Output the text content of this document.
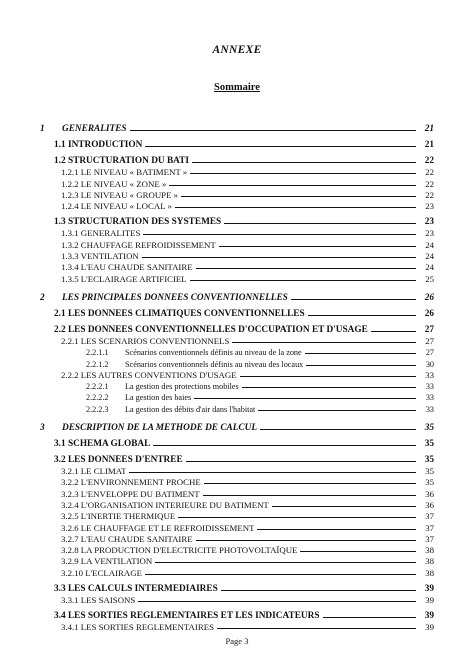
ANNEXE
Sommaire
1	GENERALITES	21
1.1 INTRODUCTION	21
1.2 STRUCTURATION DU BATI	22
1.2.1 LE NIVEAU « BATIMENT »	22
1.2.2 LE NIVEAU « ZONE »	22
1.2.3 LE NIVEAU « GROUPE »	22
1.2.4 LE NIVEAU « LOCAL »	23
1.3 STRUCTURATION DES SYSTEMES	23
1.3.1 GENERALITES	23
1.3.2 CHAUFFAGE REFROIDISSEMENT	24
1.3.3 VENTILATION	24
1.3.4 L'EAU CHAUDE SANITAIRE	24
1.3.5 L'ECLAIRAGE ARTIFICIEL	25
2	LES PRINCIPALES DONNEES CONVENTIONNELLES	26
2.1 LES DONNEES CLIMATIQUES CONVENTIONNELLES	26
2.2 LES DONNEES CONVENTIONNELLES D'OCCUPATION ET D'USAGE	27
2.2.1 LES SCENARIOS CONVENTIONNELS	27
2.2.1.1	Scénarios conventionnels définis au niveau de la zone	27
2.2.1.2	Scénarios conventionnels définis au niveau des locaux	30
2.2.2 LES AUTRES CONVENTIONS D'USAGE	33
2.2.2.1	La gestion des protections mobiles	33
2.2.2.2	La gestion des baies	33
2.2.2.3	La gestion des débits d'air dans l'habitat	33
3	DESCRIPTION DE LA METHODE DE CALCUL	35
3.1 SCHEMA GLOBAL	35
3.2 LES DONNÉES D'ENTRÉE	35
3.2.1 LE CLIMAT	35
3.2.2 L'ENVIRONNEMENT PROCHE	35
3.2.3 L'ENVELOPPE DU BATIMENT	36
3.2.4 L'ORGANISATION INTERIEURE DU BATIMENT	36
3.2.5 L'INERTIE THERMIQUE	37
3.2.6 LE CHAUFFAGE ET LE REFROIDISSEMENT	37
3.2.7 L'EAU CHAUDE SANITAIRE	37
3.2.8 LA PRODUCTION D'ELECTRICITE PHOTOVOLTAÏQUE	38
3.2.9 LA VENTILATION	38
3.2.10 L'ECLAIRAGE	38
3.3 LES CALCULS INTERMÉDIAIRES	39
3.3.1 LES SAISONS	39
3.4 LES SORTIES REGLEMENTAIRES ET LES INDICATEURS	39
3.4.1 LES SORTIES REGLEMENTAIRES	39
Page 3
